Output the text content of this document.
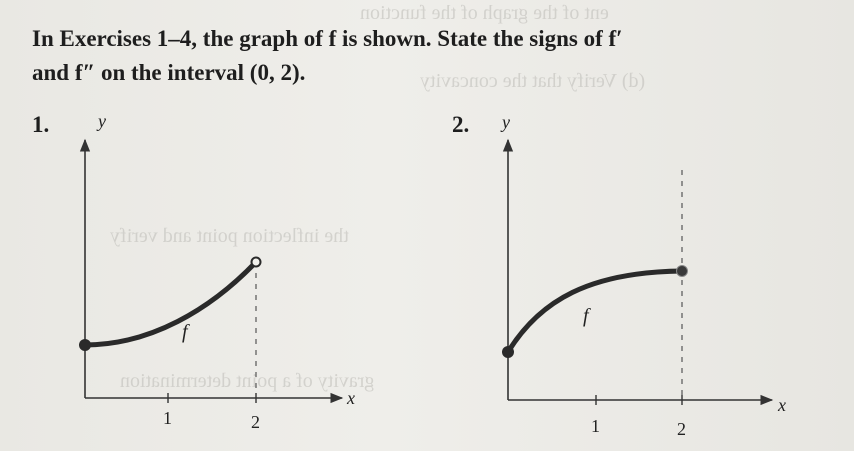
ent of the graph of the function
(d) Verify that the concavity
the inflection point and verify
gravity of a point determination
In Exercises 1–4, the graph of f is shown. State the signs of f′
and f″ on the interval (0, 2).
1.	2.
y
x
1	2
f
y
x
1	2
f
